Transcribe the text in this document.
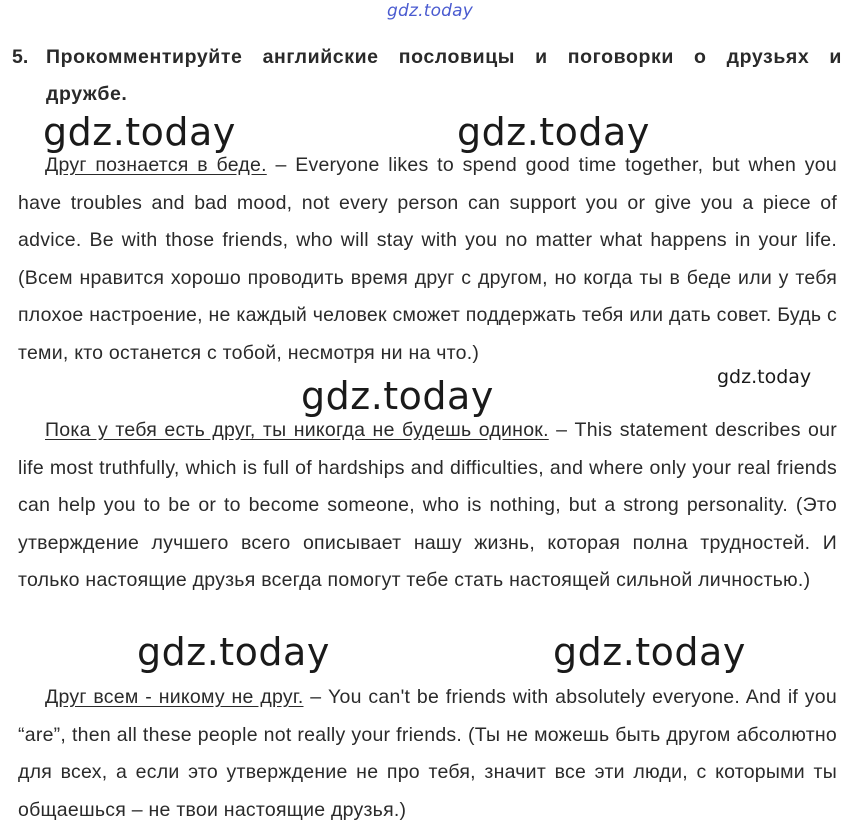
gdz.today
5. Прокомментируйте английские пословицы и поговорки о друзьях и дружбе.
Друг познается в беде. – Everyone likes to spend good time together, but when you have troubles and bad mood, not every person can support you or give you a piece of advice. Be with those friends, who will stay with you no matter what happens in your life. (Всем нравится хорошо проводить время друг с другом, но когда ты в беде или у тебя плохое настроение, не каждый человек сможет поддержать тебя или дать совет. Будь с теми, кто останется с тобой, несмотря ни на что.)
Пока у тебя есть друг, ты никогда не будешь одинок. – This statement describes our life most truthfully, which is full of hardships and difficulties, and where only your real friends can help you to be or to become someone, who is nothing, but a strong personality. (Это утверждение лучшего всего описывает нашу жизнь, которая полна трудностей. И только настоящие друзья всегда помогут тебе стать настоящей сильной личностью.)
Друг всем - никому не друг. – You can't be friends with absolutely everyone. And if you “are”, then all these people not really your friends. (Ты не можешь быть другом абсолютно для всех, а если это утверждение не про тебя, значит все эти люди, с которыми ты общаешься – не твои настоящие друзья.)
gdz.today	gdz.today
gdz.today
gdz.today
gdz.today	gdz.today
